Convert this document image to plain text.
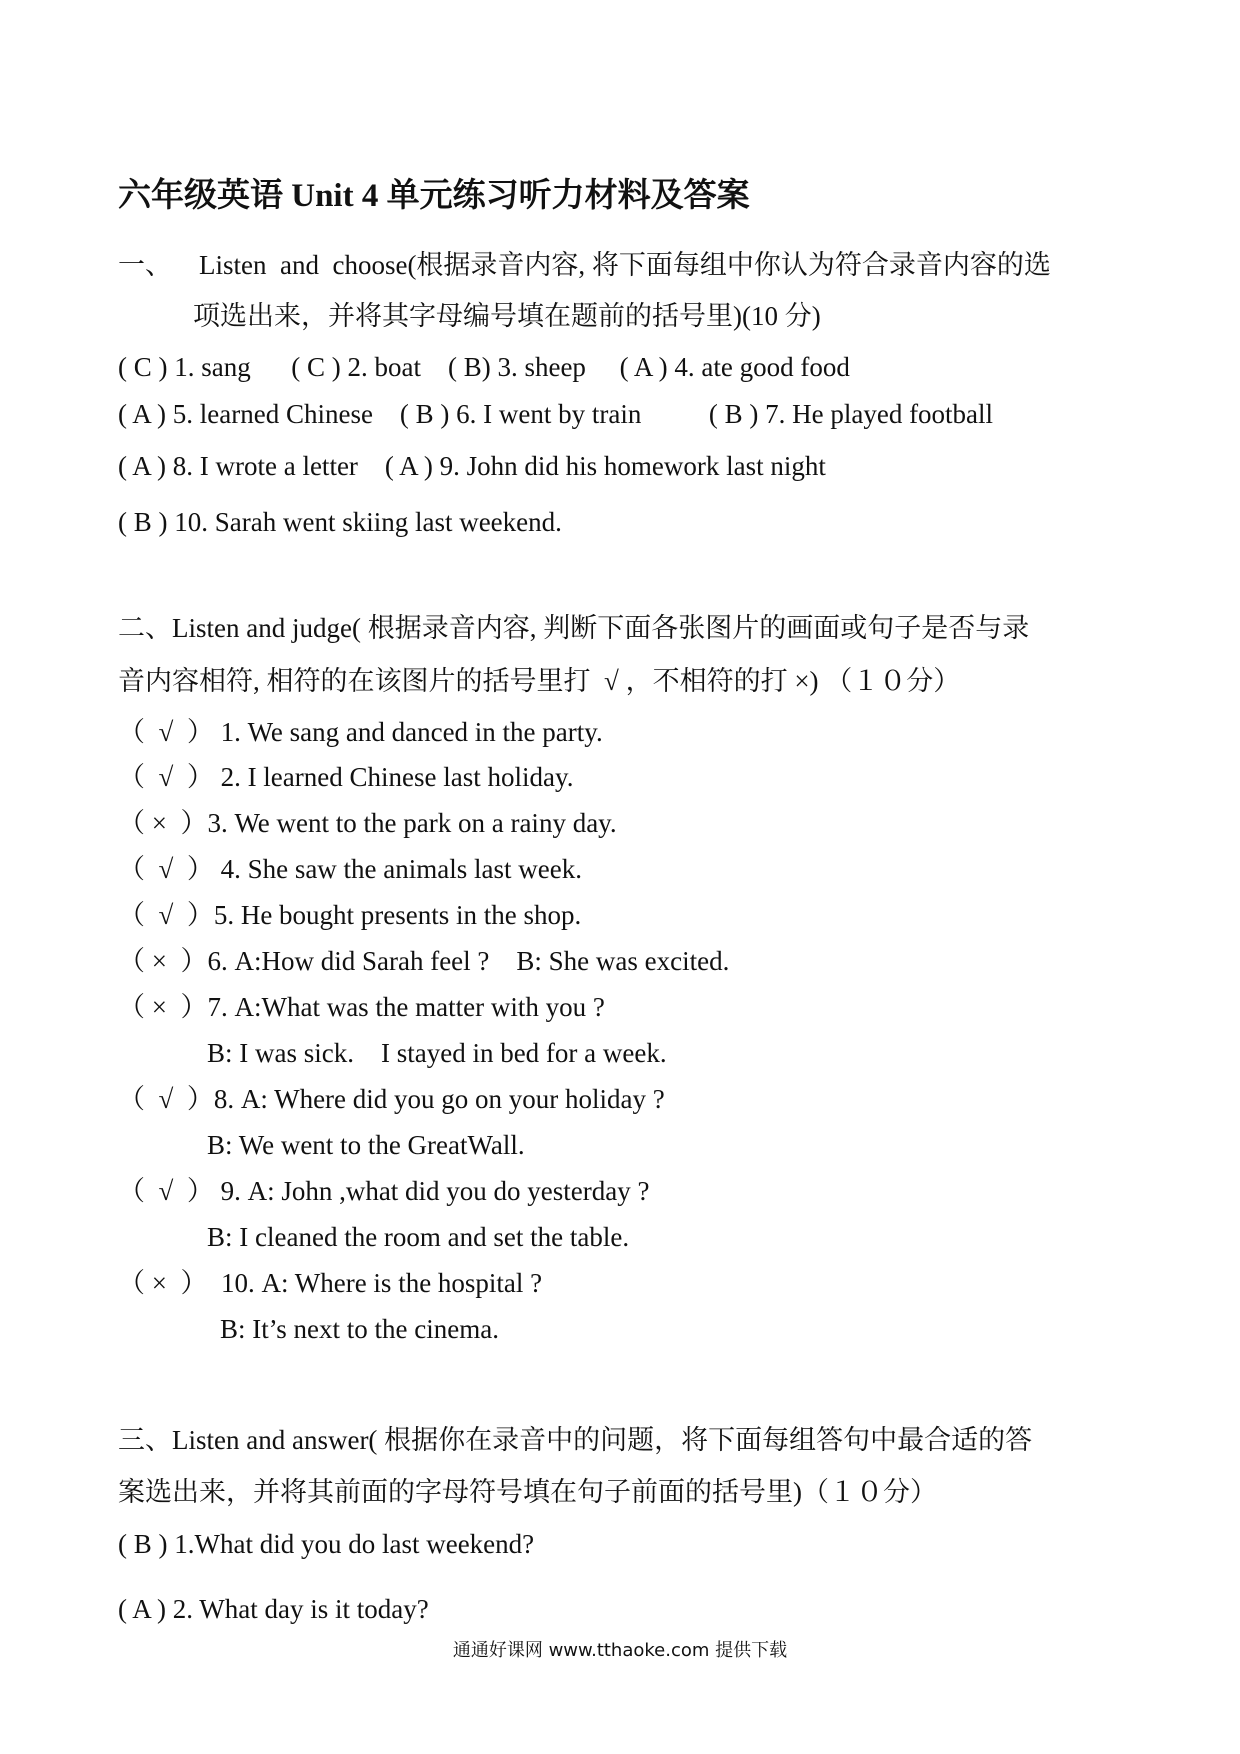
六年级英语 Unit 4 单元练习听力材料及答案
一、    Listen  and  choose(根据录音内容, 将下面每组中你认为符合录音内容的选
项选出来，并将其字母编号填在题前的括号里)(10 分)
( C ) 1. sang      ( C ) 2. boat    ( B) 3. sheep     ( A ) 4. ate good food
( A ) 5. learned Chinese    ( B ) 6. I went by train          ( B ) 7. He played football
( A ) 8. I wrote a letter    ( A ) 9. John did his homework last night
( B ) 10. Sarah went skiing last weekend.
二、Listen and judge( 根据录音内容, 判断下面各张图片的画面或句子是否与录
音内容相符, 相符的在该图片的括号里打  √ ，不相符的打 ×) （１０分）
（  √  ） 1. We sang and danced in the party.
（  √  ） 2. I learned Chinese last holiday.
（ ×  ）3. We went to the park on a rainy day.
（  √  ） 4. She saw the animals last week.
（  √  ）5. He bought presents in the shop.
（ ×  ）6. A:How did Sarah feel ?    B: She was excited.
（ ×  ）7. A:What was the matter with you ?
B: I was sick.    I stayed in bed for a week.
（  √  ）8. A: Where did you go on your holiday ?
B: We went to the GreatWall.
（  √  ） 9. A: John ,what did you do yesterday ?
B: I cleaned the room and set the table.
（ ×  ）  10. A: Where is the hospital ?
B: It’s next to the cinema.
三、Listen and answer( 根据你在录音中的问题，将下面每组答句中最合适的答
案选出来，并将其前面的字母符号填在句子前面的括号里)（１０分）
( B ) 1.What did you do last weekend?
( A ) 2. What day is it today?
通通好课网 www.tthaoke.com 提供下载
